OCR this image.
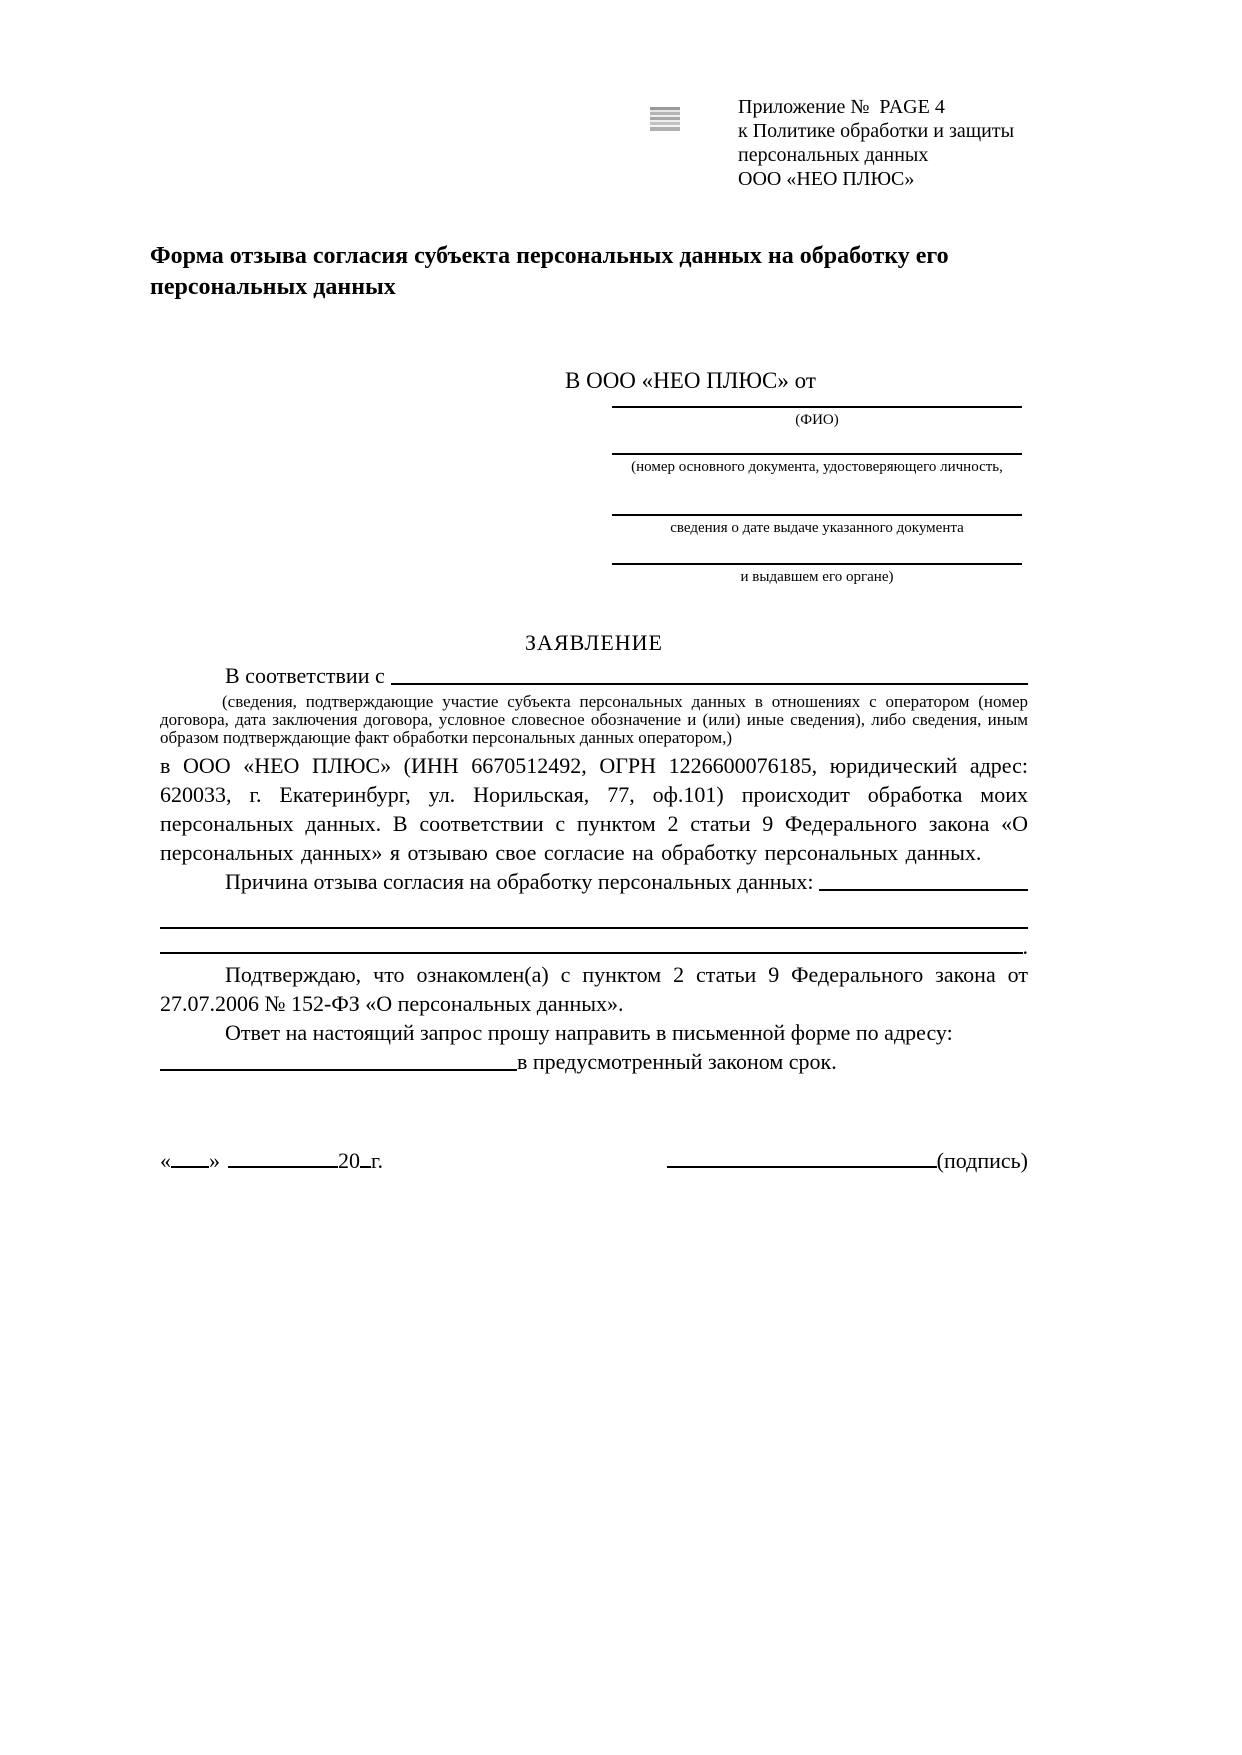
Приложение №  PAGE 4
к Политике обработки и защиты
персональных данных
ООО «НЕО ПЛЮС»
Форма отзыва согласия субъекта персональных данных на обработку его персональных данных
В ООО «НЕО ПЛЮС» от
(ФИО)
(номер основного документа, удостоверяющего личность,
сведения о дате выдаче указанного документа
и выдавшем его органе)
ЗАЯВЛЕНИЕ
В соответствии с
(сведения, подтверждающие участие субъекта персональных данных в отношениях с оператором (номер договора, дата заключения договора, условное словесное обозначение и (или) иные сведения), либо сведения, иным образом подтверждающие факт обработки персональных данных оператором,)
в ООО «НЕО ПЛЮС» (ИНН 6670512492, ОГРН 1226600076185, юридический адрес: 620033, г. Екатеринбург, ул. Норильская, 77, оф.101) происходит обработка моих персональных данных. В соответствии с пунктом 2 статьи 9 Федерального закона «О персональных данных» я отзываю свое согласие на обработку персональных данных.
Причина отзыва согласия на обработку персональных данных:
.
Подтверждаю, что ознакомлен(а) с пунктом 2 статьи 9 Федерального закона от 27.07.2006 № 152-ФЗ «О персональных данных».
Ответ на настоящий запрос прошу направить в письменной форме по адресу:
в предусмотренный законом срок.
« »	20 г.	(подпись)
